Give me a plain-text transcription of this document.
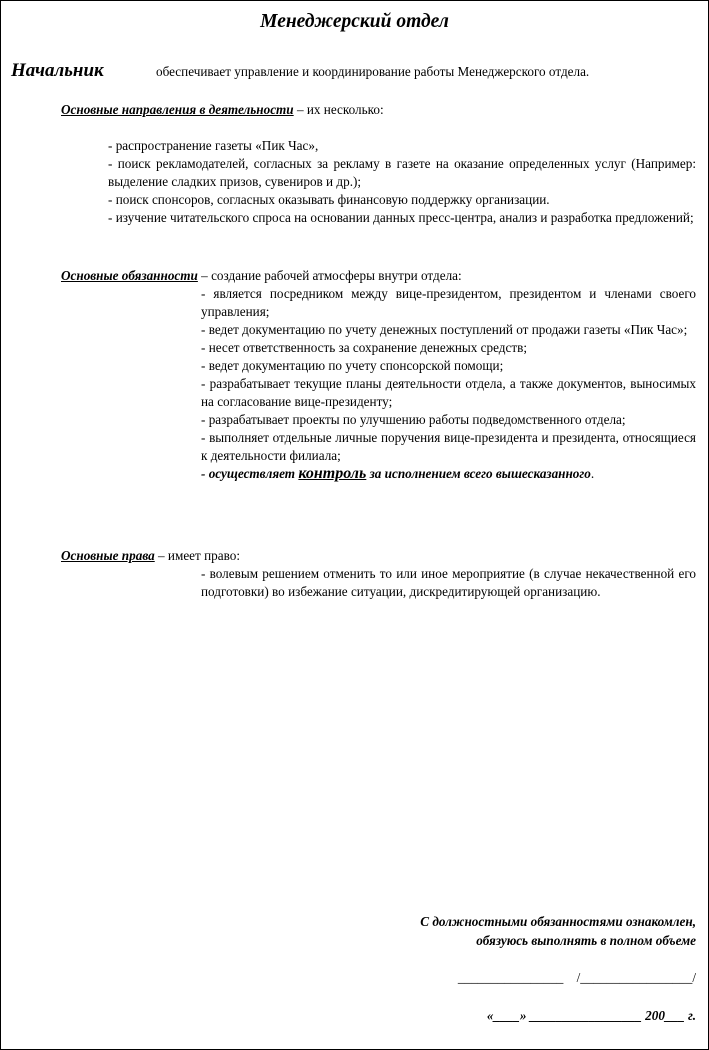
Менеджерский отдел
Начальник	обеспечивает управление и координирование работы Менеджерского отдела.
Основные направления в деятельности – их несколько:

- распространение газеты «Пик Час»,

- поиск рекламодателей, согласных за рекламу в газете на оказание определенных услуг (Например: выделение сладких призов, сувениров и др.);

- поиск спонсоров, согласных оказывать финансовую поддержку организации.

- изучение читательского спроса на основании данных пресс-центра, анализ и разработка предложений;

Основные обязанности – создание рабочей атмосферы внутри отдела:

- является посредником между вице-президентом, президентом и членами своего управления;

- ведет документацию по учету денежных поступлений от продажи газеты «Пик Час»;

- несет ответственность за сохранение денежных средств;

- ведет документацию по учету спонсорской помощи;

- разрабатывает текущие планы деятельности отдела, а также документов, выносимых на согласование вице-президенту;

- разрабатывает проекты по улучшению работы подведомственного отдела;

- выполняет отдельные личные поручения вице-президента и президента, относящиеся к деятельности филиала;

- осуществляет контроль за исполнением всего вышесказанного.

Основные права – имеет право:

- волевым решением отменить то или иное мероприятие (в случае некачественной его подготовки) во избежание ситуации, дискредитирующей организацию.

С должностными обязанностями ознакомлен,
обязуюсь выполнять в полном объеме
________________    /_________________/
«____» _________________ 200___ г.
